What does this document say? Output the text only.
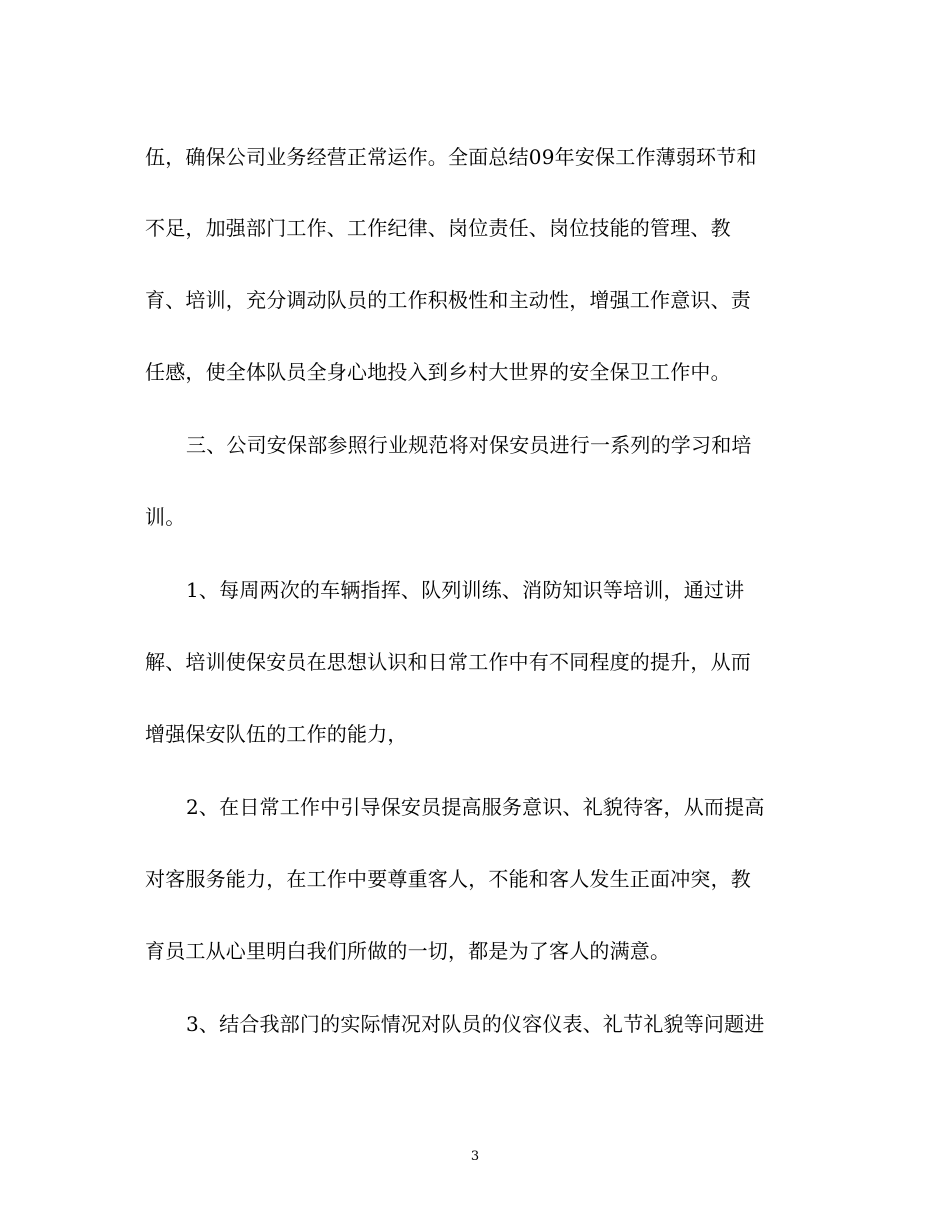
伍，确保公司业务经营正常运作。全面总结09年安保工作薄弱环节和
不足，加强部门工作、工作纪律、岗位责任、岗位技能的管理、教
育、培训，充分调动队员的工作积极性和主动性，增强工作意识、责
任感，使全体队员全身心地投入到乡村大世界的安全保卫工作中。
三、公司安保部参照行业规范将对保安员进行一系列的学习和培
训。
1、每周两次的车辆指挥、队列训练、消防知识等培训，通过讲
解、培训使保安员在思想认识和日常工作中有不同程度的提升，从而
增强保安队伍的工作的能力，
2、在日常工作中引导保安员提高服务意识、礼貌待客，从而提高
对客服务能力，在工作中要尊重客人，不能和客人发生正面冲突，教
育员工从心里明白我们所做的一切，都是为了客人的满意。
3、结合我部门的实际情况对队员的仪容仪表、礼节礼貌等问题进
3
